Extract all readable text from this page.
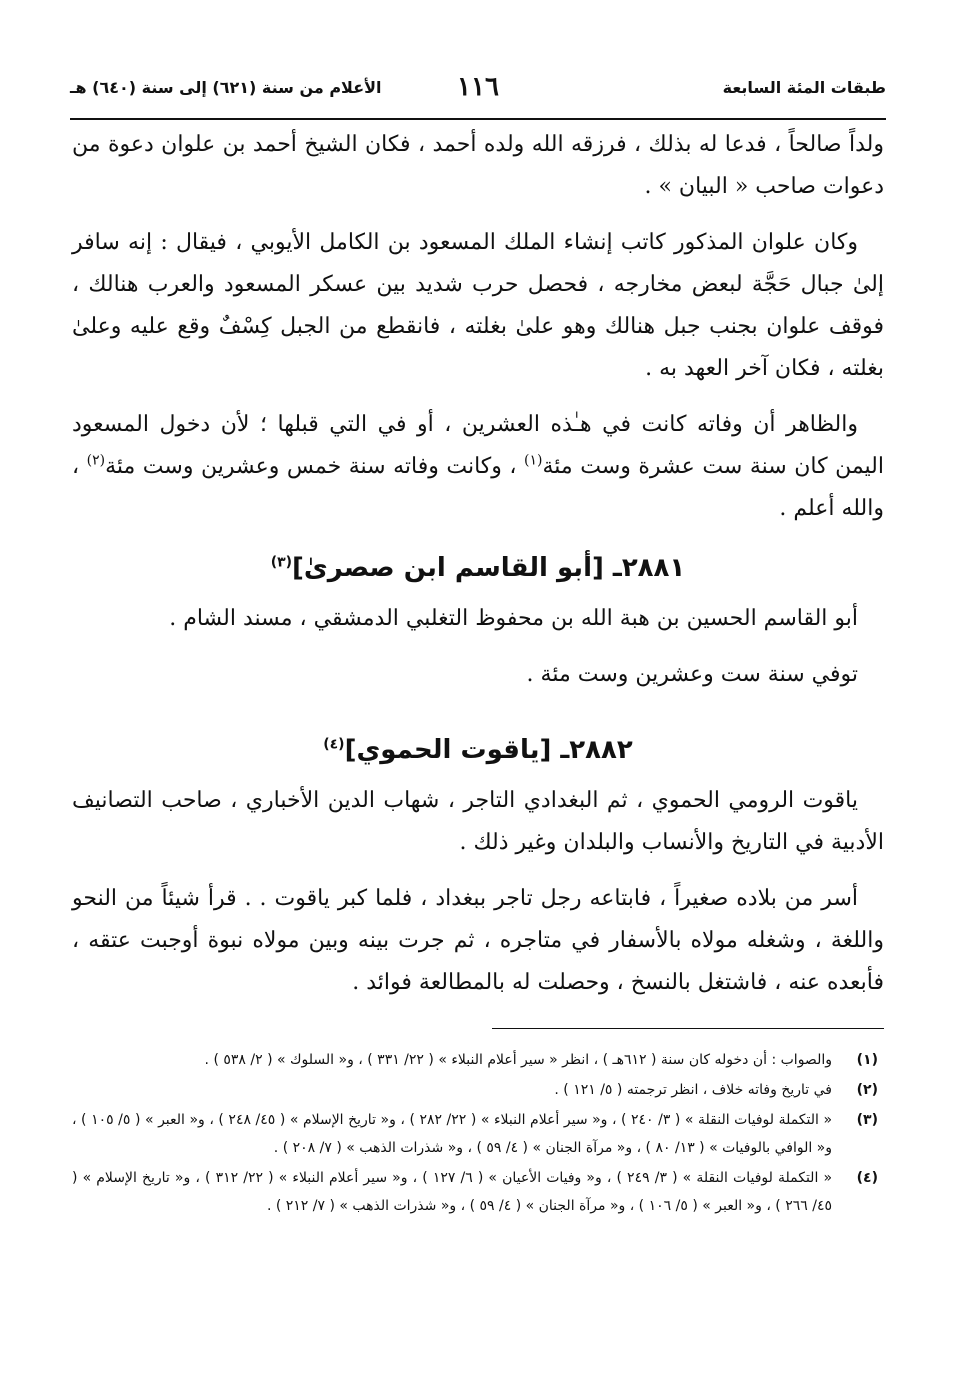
طبقات المئة السابعة
١١٦
الأعلام من سنة (٦٢١) إلى سنة (٦٤٠) هـ

ولداً صالحاً ، فدعا له بذلك ، فرزقه الله ولده أحمد ، فكان الشيخ أحمد بن علوان دعوة من دعوات صاحب « البيان » .

وكان علوان المذكور كاتب إنشاء الملك المسعود بن الكامل الأيوبي ، فيقال : إنه سافر إلىٰ جبال حَجَّة لبعض مخارجه ، فحصل حرب شديد بين عسكر المسعود والعرب هنالك ، فوقف علوان بجنب جبل هنالك وهو علىٰ بغلته ، فانقطع من الجبل كِسْفٌ وقع عليه وعلىٰ بغلته ، فكان آخر العهد به .

والظاهر أن وفاته كانت في هـٰذه العشرين ، أو في التي قبلها ؛ لأن دخول المسعود اليمن كان سنة ست عشرة وست مئة$^{(١)}$ ، وكانت وفاته سنة خمس وعشرين وست مئة$^{(٢)}$ ، والله أعلم .

٢٨٨١ـ [أبو القاسم ابن صصرىٰ]$^{(٣)}$

أبو القاسم الحسين بن هبة الله بن محفوظ التغلبي الدمشقي ، مسند الشام .

توفي سنة ست وعشرين وست مئة .

٢٨٨٢ـ [ياقوت الحموي]$^{(٤)}$

ياقوت الرومي الحموي ، ثم البغدادي التاجر ، شهاب الدين الأخباري ، صاحب التصانيف الأدبية في التاريخ والأنساب والبلدان وغير ذلك .

أسر من بلاده صغيراً ، فابتاعه رجل تاجر ببغداد ، فلما كبر ياقوت . . قرأ شيئاً من النحو واللغة ، وشغله مولاه بالأسفار في متاجره ، ثم جرت بينه وبين مولاه نبوة أوجبت عتقه ، فأبعده عنه ، فاشتغل بالنسخ ، وحصلت له بالمطالعة فوائد .

(١)
والصواب : أن دخوله كان سنة ( ٦١٢هـ ) ، انظر « سير أعلام النبلاء » ( ٢٢/ ٣٣١ ) ، و« السلوك » ( ٢/ ٥٣٨ ) .
(٢)
في تاريخ وفاته خلاف ، انظر ترجمته ( ٥/ ١٢١ ) .
(٣)
« التكملة لوفيات النقلة » ( ٣/ ٢٤٠ ) ، و« سير أعلام النبلاء » ( ٢٢/ ٢٨٢ ) ، و« تاريخ الإسلام » ( ٤٥/ ٢٤٨ ) ، و« العبر » ( ٥/ ١٠٥ ) ، و« الوافي بالوفيات » ( ١٣/ ٨٠ ) ، و« مرآة الجنان » ( ٤/ ٥٩ ) ، و« شذرات الذهب » ( ٧/ ٢٠٨ ) .
(٤)
« التكملة لوفيات النقلة » ( ٣/ ٢٤٩ ) ، و« وفيات الأعيان » ( ٦/ ١٢٧ ) ، و« سير أعلام النبلاء » ( ٢٢/ ٣١٢ ) ، و« تاريخ الإسلام » ( ٤٥/ ٢٦٦ ) ، و« العبر » ( ٥/ ١٠٦ ) ، و« مرآة الجنان » ( ٤/ ٥٩ ) ، و« شذرات الذهب » ( ٧/ ٢١٢ ) .
